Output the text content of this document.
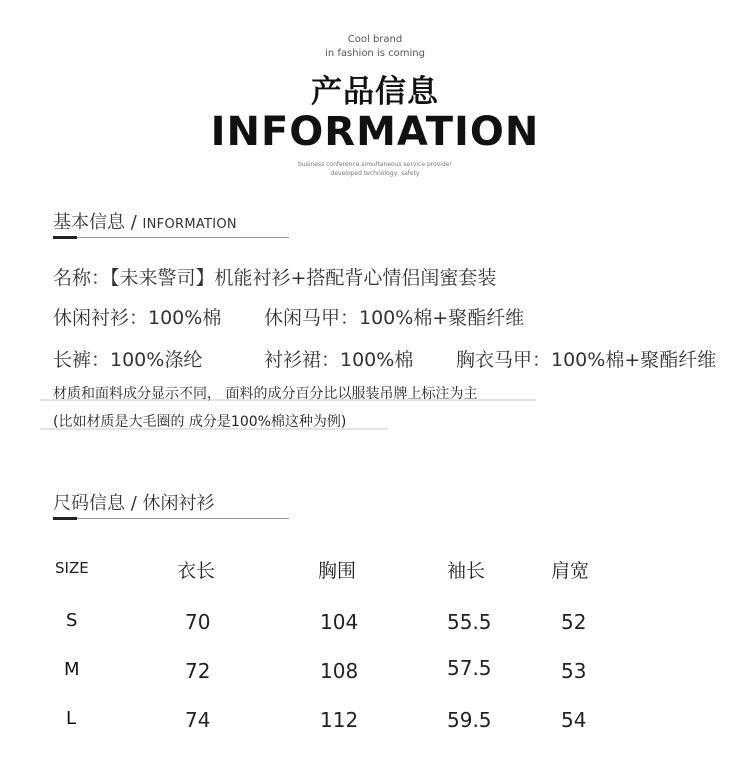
Cool brand
in fashion is coming
产品信息
INFORMATION
business conference simultaneous service provider
developed technology, safety
基本信息 / INFORMATION
名称：【未来警司】机能衬衫+搭配背心情侣闺蜜套装
休闲衬衫：100%棉 休闲马甲：100%棉+聚酯纤维
长裤：100%涤纶	衬衫裙：100%棉 胸衣马甲：100%棉+聚酯纤维
材质和面料成分显示不同， 面料的成分百分比以服装吊牌上标注为主
(比如材质是大毛圈的 成分是100%棉这种为例)
尺码信息 / 休闲衬衫
SIZE	衣长	胸围	袖长	肩宽
S	70	104	55.5	52
M	72	108	57.5	53
L	74	112	59.5	54
